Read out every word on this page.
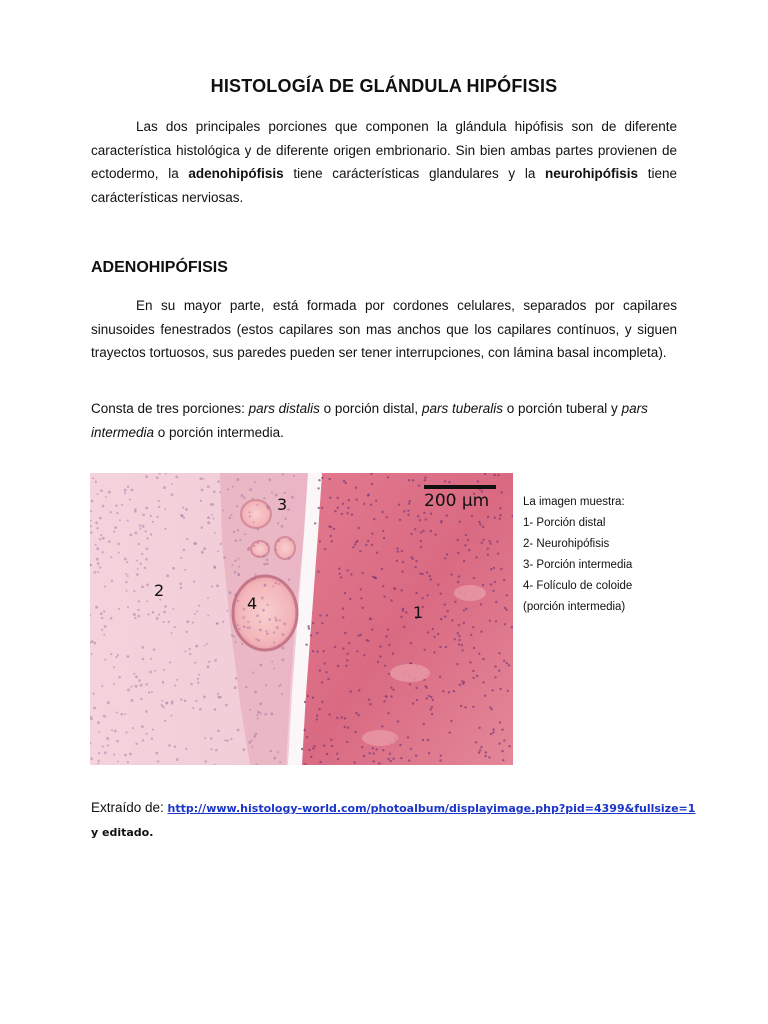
HISTOLOGÍA DE GLÁNDULA HIPÓFISIS

Las dos principales porciones que componen la glándula hipófisis son de diferente característica histológica y de diferente origen embrionario. Sin bien ambas partes provienen de ectodermo, la adenohipófisis tiene carácterísticas glandulares y la neurohipófisis tiene carácterísticas nerviosas.

ADENOHIPÓFISIS

En su mayor parte, está formada por cordones celulares, separados por capilares sinusoides fenestrados (estos capilares son mas anchos que los capilares contínuos, y siguen trayectos tortuosos, sus paredes pueden ser tener interrupciones, con lámina basal incompleta).

Consta de tres porciones: pars distalis o porción distal, pars tuberalis o porción tuberal y pars intermedia o porción intermedia.

200 µm
3
2
4	1
La imagen muestra:
1- Porción distal
2- Neurohipófisis
3- Porción intermedia
4- Folículo de coloide
(porción intermedia)
Extraído de: http://www.histology-world.com/photoalbum/displayimage.php?pid=4399&fullsize=1
y editado.
